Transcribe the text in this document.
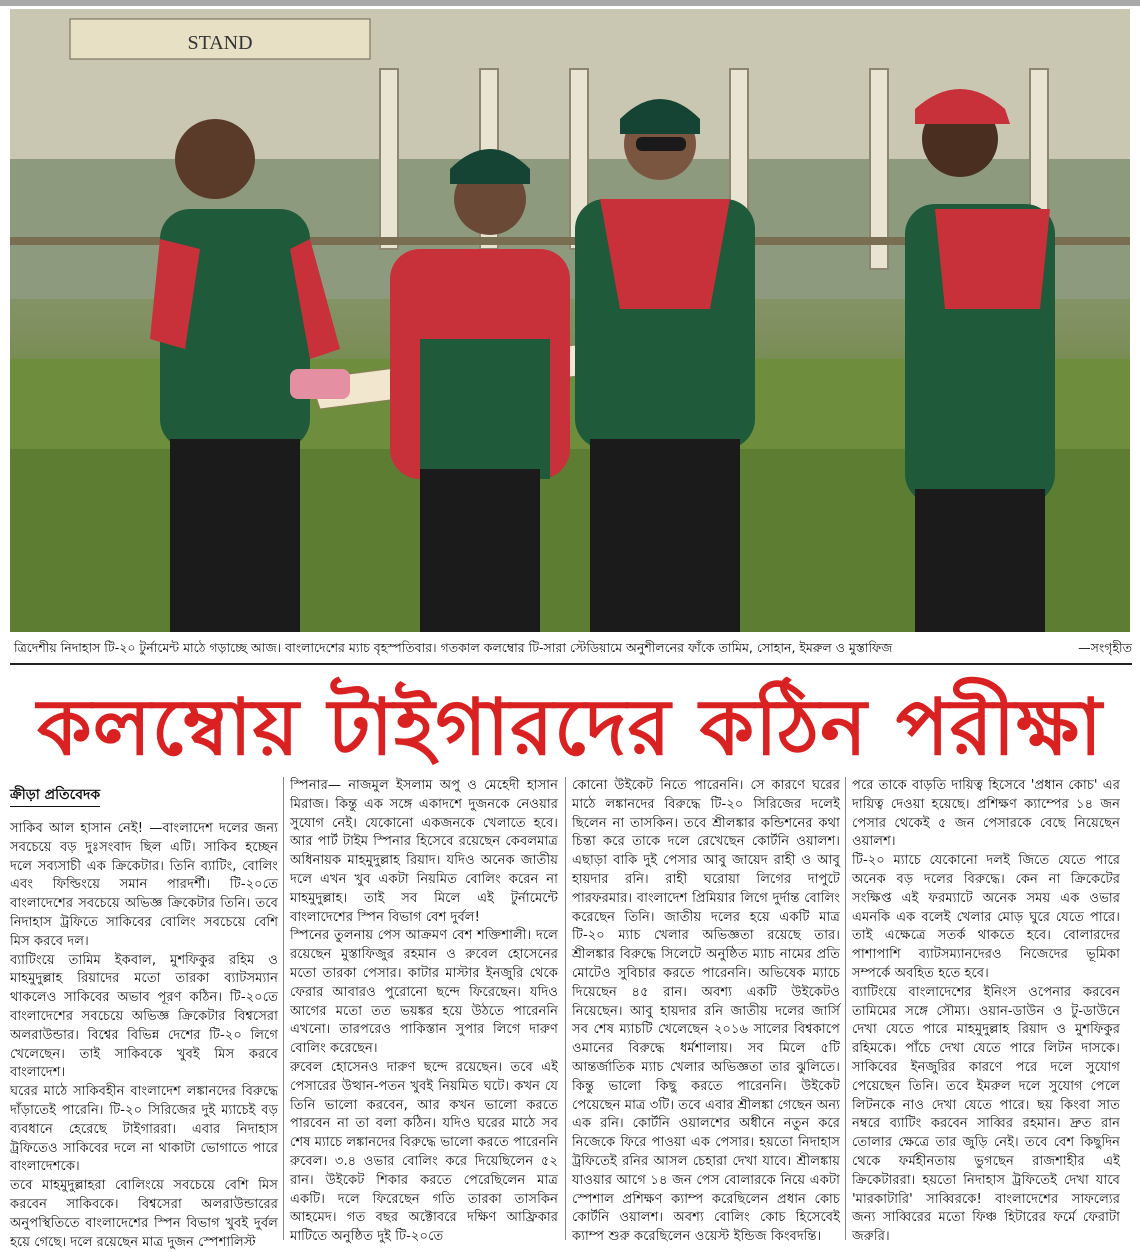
STAND
ত্রিদেশীয় নিদাহাস টি-২০ টুর্নামেন্ট মাঠে গড়াচ্ছে আজ। বাংলাদেশের ম্যাচ বৃহস্পতিবার। গতকাল কলম্বোর টি-সারা স্টেডিয়ামে অনুশীলনের ফাঁকে তামিম, সোহান, ইমরুল ও মুস্তাফিজ	—সংগৃহীত
কলম্বোয় টাইগারদের কঠিন পরীক্ষা
ক্রীড়া প্রতিবেদক

সাকিব আল হাসান নেই! —বাংলাদেশ দলের জন্য সবচেয়ে বড় দুঃসংবাদ ছিল এটি। সাকিব হচ্ছেন দলে সব্যসাচী এক ক্রিকেটার। তিনি ব্যাটিং, বোলিং এবং ফিল্ডিংয়ে সমান পারদর্শী। টি-২০তে বাংলাদেশের সবচেয়ে অভিজ্ঞ ক্রিকেটার তিনি। তবে নিদাহাস ট্রফিতে সাকিবের বোলিং সবচেয়ে বেশি মিস করবে দল।

ব্যাটিংয়ে তামিম ইকবাল, মুশফিকুর রহিম ও মাহমুদুল্লাহ রিয়াদের মতো তারকা ব্যাটসম্যান থাকলেও সাকিবের অভাব পূরণ কঠিন। টি-২০তে বাংলাদেশের সবচেয়ে অভিজ্ঞ ক্রিকেটার বিশ্বসেরা অলরাউন্ডার। বিশ্বের বিভিন্ন দেশের টি-২০ লিগে খেলেছেন। তাই সাকিবকে খুবই মিস করবে বাংলাদেশ।

ঘরের মাঠে সাকিবহীন বাংলাদেশ লঙ্কানদের বিরুদ্ধে দাঁড়াতেই পারেনি। টি-২০ সিরিজের দুই ম্যাচেই বড় ব্যবধানে হেরেছে টাইগাররা। এবার নিদাহাস ট্রফিতেও সাকিবের দলে না থাকাটা ভোগাতে পারে বাংলাদেশকে।

তবে মাহমুদুল্লাহরা বোলিংয়ে সবচেয়ে বেশি মিস করবেন সাকিবকে। বিশ্বসেরা অলরাউন্ডারের অনুপস্থিতিতে বাংলাদেশের স্পিন বিভাগ খুবই দুর্বল হয়ে গেছে। দলে রয়েছেন মাত্র দুজন স্পেশালিস্ট

স্পিনার— নাজমুল ইসলাম অপু ও মেহেদী হাসান মিরাজ। কিন্তু এক সঙ্গে একাদশে দুজনকে নেওয়ার সুযোগ নেই। যেকোনো একজনকে খেলাতে হবে। আর পার্ট টাইম স্পিনার হিসেবে রয়েছেন কেবলমাত্র অধিনায়ক মাহমুদুল্লাহ রিয়াদ। যদিও অনেক জাতীয় দলে এখন খুব একটা নিয়মিত বোলিং করেন না মাহমুদুল্লাহ। তাই সব মিলে এই টুর্নামেন্টে বাংলাদেশের স্পিন বিভাগ বেশ দুর্বল!

স্পিনের তুলনায় পেস আক্রমণ বেশ শক্তিশালী। দলে রয়েছেন মুস্তাফিজুর রহমান ও রুবেল হোসেনের মতো তারকা পেসার। কাটার মাস্টার ইনজুরি থেকে ফেরার আবারও পুরোনো ছন্দে ফিরেছেন। যদিও আগের মতো তত ভয়ঙ্কর হয়ে উঠতে পারেননি এখনো। তারপরেও পাকিস্তান সুপার লিগে দারুণ বোলিং করেছেন।

রুবেল হোসেনও দারুণ ছন্দে রয়েছেন। তবে এই পেসারের উত্থান-পতন খুবই নিয়মিত ঘটে। কখন যে তিনি ভালো করবেন, আর কখন ভালো করতে পারবেন না তা বলা কঠিন। যদিও ঘরের মাঠে সব শেষ ম্যাচে লঙ্কানদের বিরুদ্ধে ভালো করতে পারেননি রুবেল। ৩.৪ ওভার বোলিং করে দিয়েছিলেন ৫২ রান। উইকেট শিকার করতে পেরেছিলেন মাত্র একটি। দলে ফিরেছেন গতি তারকা তাসকিন আহমেদ। গত বছর অক্টোবরে দক্ষিণ আফ্রিকার মাটিতে অনুষ্ঠিত দুই টি-২০তে

কোনো উইকেট নিতে পারেননি। সে কারণে ঘরের মাঠে লঙ্কানদের বিরুদ্ধে টি-২০ সিরিজের দলেই ছিলেন না তাসকিন। তবে শ্রীলঙ্কার কন্ডিশনের কথা চিন্তা করে তাকে দলে রেখেছেন কোর্টনি ওয়ালশ। এছাড়া বাকি দুই পেসার আবু জায়েদ রাহী ও আবু হায়দার রনি। রাহী ঘরোয়া লিগের দাপুটে পারফরমার। বাংলাদেশ প্রিমিয়ার লিগে দুর্দান্ত বোলিং করেছেন তিনি। জাতীয় দলের হয়ে একটি মাত্র টি-২০ ম্যাচ খেলার অভিজ্ঞতা রয়েছে তার। শ্রীলঙ্কার বিরুদ্ধে সিলেটে অনুষ্ঠিত ম্যাচ নামের প্রতি মোটেও সুবিচার করতে পারেননি। অভিষেক ম্যাচে দিয়েছেন ৪৫ রান। অবশ্য একটি উইকেটও নিয়েছেন। আবু হায়দার রনি জাতীয় দলের জার্সি সব শেষ ম্যাচটি খেলেছেন ২০১৬ সালের বিশ্বকাপে ওমানের বিরুদ্ধে ধর্মশালায়। সব মিলে ৫টি আন্তর্জাতিক ম্যাচ খেলার অভিজ্ঞতা তার ঝুলিতে। কিন্তু ভালো কিছু করতে পারেননি। উইকেট পেয়েছেন মাত্র ৩টি। তবে এবার শ্রীলঙ্কা গেছেন অন্য এক রনি। কোর্টনি ওয়ালশের অধীনে নতুন করে নিজেকে ফিরে পাওয়া এক পেসার। হয়তো নিদাহাস ট্রফিতেই রনির আসল চেহারা দেখা যাবে। শ্রীলঙ্কায় যাওয়ার আগে ১৪ জন পেস বোলারকে নিয়ে একটা স্পেশাল প্রশিক্ষণ ক্যাম্প করেছিলেন প্রধান কোচ কোর্টনি ওয়ালশ। অবশ্য বোলিং কোচ হিসেবেই ক্যাম্প শুরু করেছিলেন ওয়েস্ট ইন্ডিজ কিংবদন্তি।

পরে তাকে বাড়তি দায়িত্ব হিসেবে 'প্রধান কোচ' এর দায়িত্ব দেওয়া হয়েছে। প্রশিক্ষণ ক্যাম্পের ১৪ জন পেসার থেকেই ৫ জন পেসারকে বেছে নিয়েছেন ওয়ালশ।

টি-২০ ম্যাচে যেকোনো দলই জিতে যেতে পারে অনেক বড় দলের বিরুদ্ধে। কেন না ক্রিকেটের সংক্ষিপ্ত এই ফরম্যাটে অনেক সময় এক ওভার এমনকি এক বলেই খেলার মোড় ঘুরে যেতে পারে। তাই এক্ষেত্রে সতর্ক থাকতে হবে। বোলারদের পাশাপাশি ব্যাটসম্যানদেরও নিজেদের ভূমিকা সম্পর্কে অবহিত হতে হবে।

ব্যাটিংয়ে বাংলাদেশের ইনিংস ওপেনার করবেন তামিমের সঙ্গে সৌম্য। ওয়ান-ডাউন ও টু-ডাউনে দেখা যেতে পারে মাহমুদুল্লাহ রিয়াদ ও মুশফিকুর রহিমকে। পাঁচে দেখা যেতে পারে লিটন দাসকে। সাকিবের ইনজুরির কারণে পরে দলে সুযোগ পেয়েছেন তিনি। তবে ইমরুল দলে সুযোগ পেলে লিটনকে নাও দেখা যেতে পারে। ছয় কিংবা সাত নম্বরে ব্যাটিং করবেন সাব্বির রহমান। দ্রুত রান তোলার ক্ষেত্রে তার জুড়ি নেই। তবে বেশ কিছুদিন থেকে ফর্মহীনতায় ভুগছেন রাজশাহীর এই ক্রিকেটাররা। হয়তো নিদাহাস ট্রফিতেই দেখা যাবে 'মারকাটারি' সাব্বিরকে! বাংলাদেশের সাফল্যের জন্য সাব্বিরের মতো ফিঞ্চ হিটারের ফর্মে ফেরাটা জরুরি।
